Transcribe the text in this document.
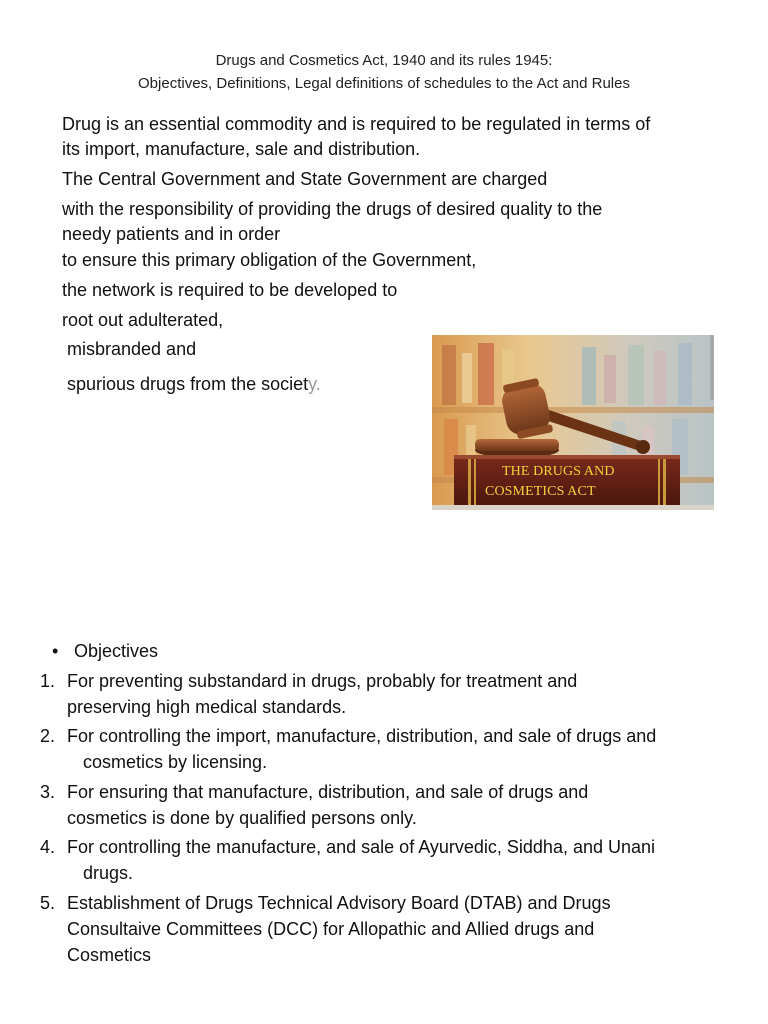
Drugs and Cosmetics Act, 1940 and its rules 1945:
Objectives, Definitions, Legal definitions of schedules to the Act and Rules
Drug is an essential commodity and is required to be regulated in terms of
its import, manufacture, sale and distribution.
The Central Government and State Government are charged
with the responsibility of providing the drugs of desired quality to the
needy patients and in order
to ensure this primary obligation of the Government,
the network is required to be developed to
root out adulterated,
misbranded and
spurious drugs from the society.
THE DRUGS AND
COSMETICS ACT
• Objectives
1. For preventing substandard in drugs, probably for treatment and
preserving high medical standards.
2. For controlling the import, manufacture, distribution, and sale of drugs and
cosmetics by licensing.
3. For ensuring that manufacture, distribution, and sale of drugs and
cosmetics is done by qualified persons only.
4. For controlling the manufacture, and sale of Ayurvedic, Siddha, and Unani
drugs.
5. Establishment of Drugs Technical Advisory Board (DTAB) and Drugs
Consultaive Committees (DCC) for Allopathic and Allied drugs and
Cosmetics
